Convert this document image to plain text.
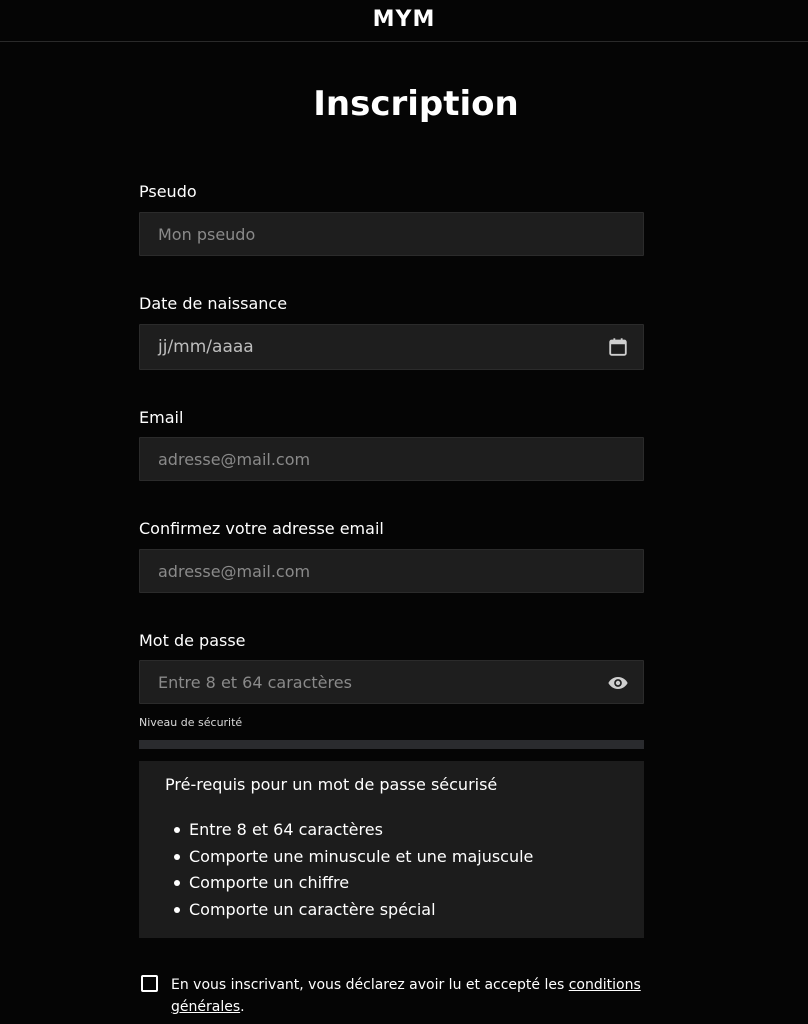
MYM
Inscription
Pseudo
Mon pseudo
Date de naissance
jj/mm/aaaa
Email
adresse@mail.com
Confirmez votre adresse email
adresse@mail.com
Mot de passe
Niveau de sécurité
Pré-requis pour un mot de passe sécurisé
Entre 8 et 64 caractères
Comporte une minuscule et une majuscule
Comporte un chiffre
Comporte un caractère spécial
En vous inscrivant, vous déclarez avoir lu et accepté les conditions générales.
